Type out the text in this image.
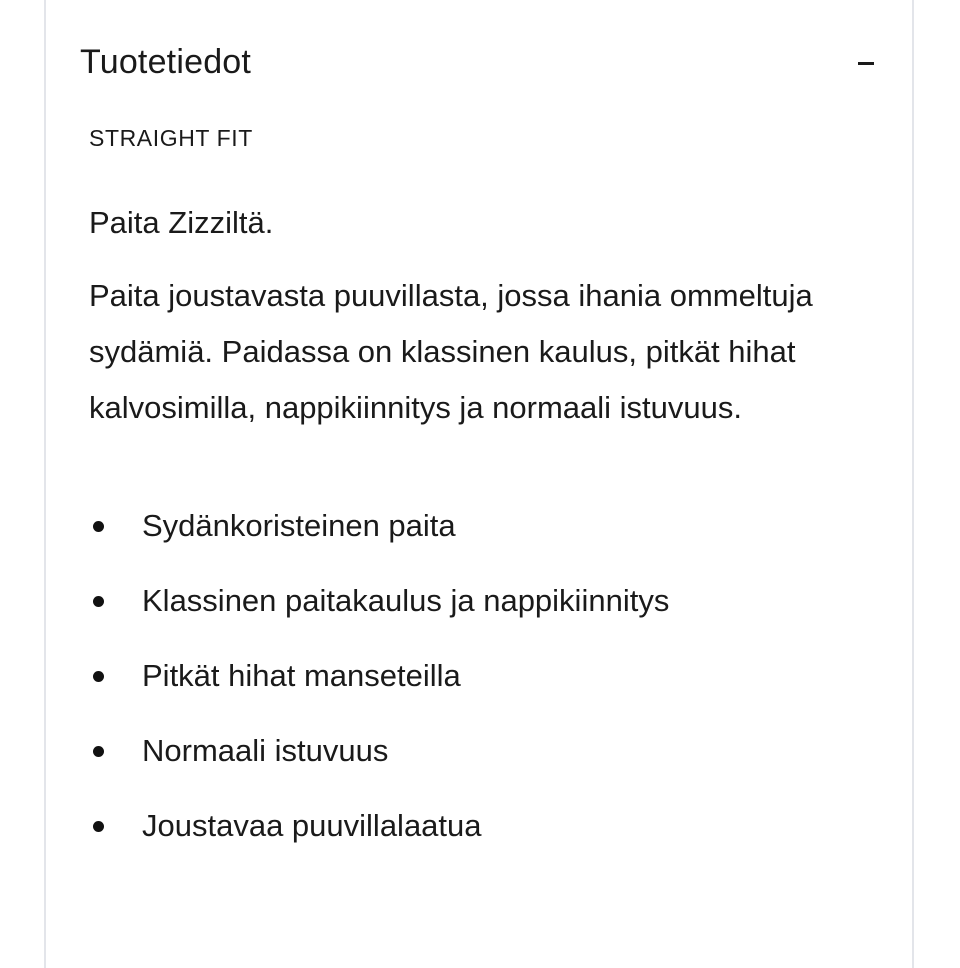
Tuotetiedot

STRAIGHT FIT

Paita Zizziltä.

Paita joustavasta puuvillasta, jossa ihania ommeltuja sydämiä. Paidassa on klassinen kaulus, pitkät hihat kalvosimilla, nappikiinnitys ja normaali istuvuus.

Sydänkoristeinen paita
Klassinen paitakaulus ja nappikiinnitys
Pitkät hihat manseteilla
Normaali istuvuus
Joustavaa puuvillalaatua
